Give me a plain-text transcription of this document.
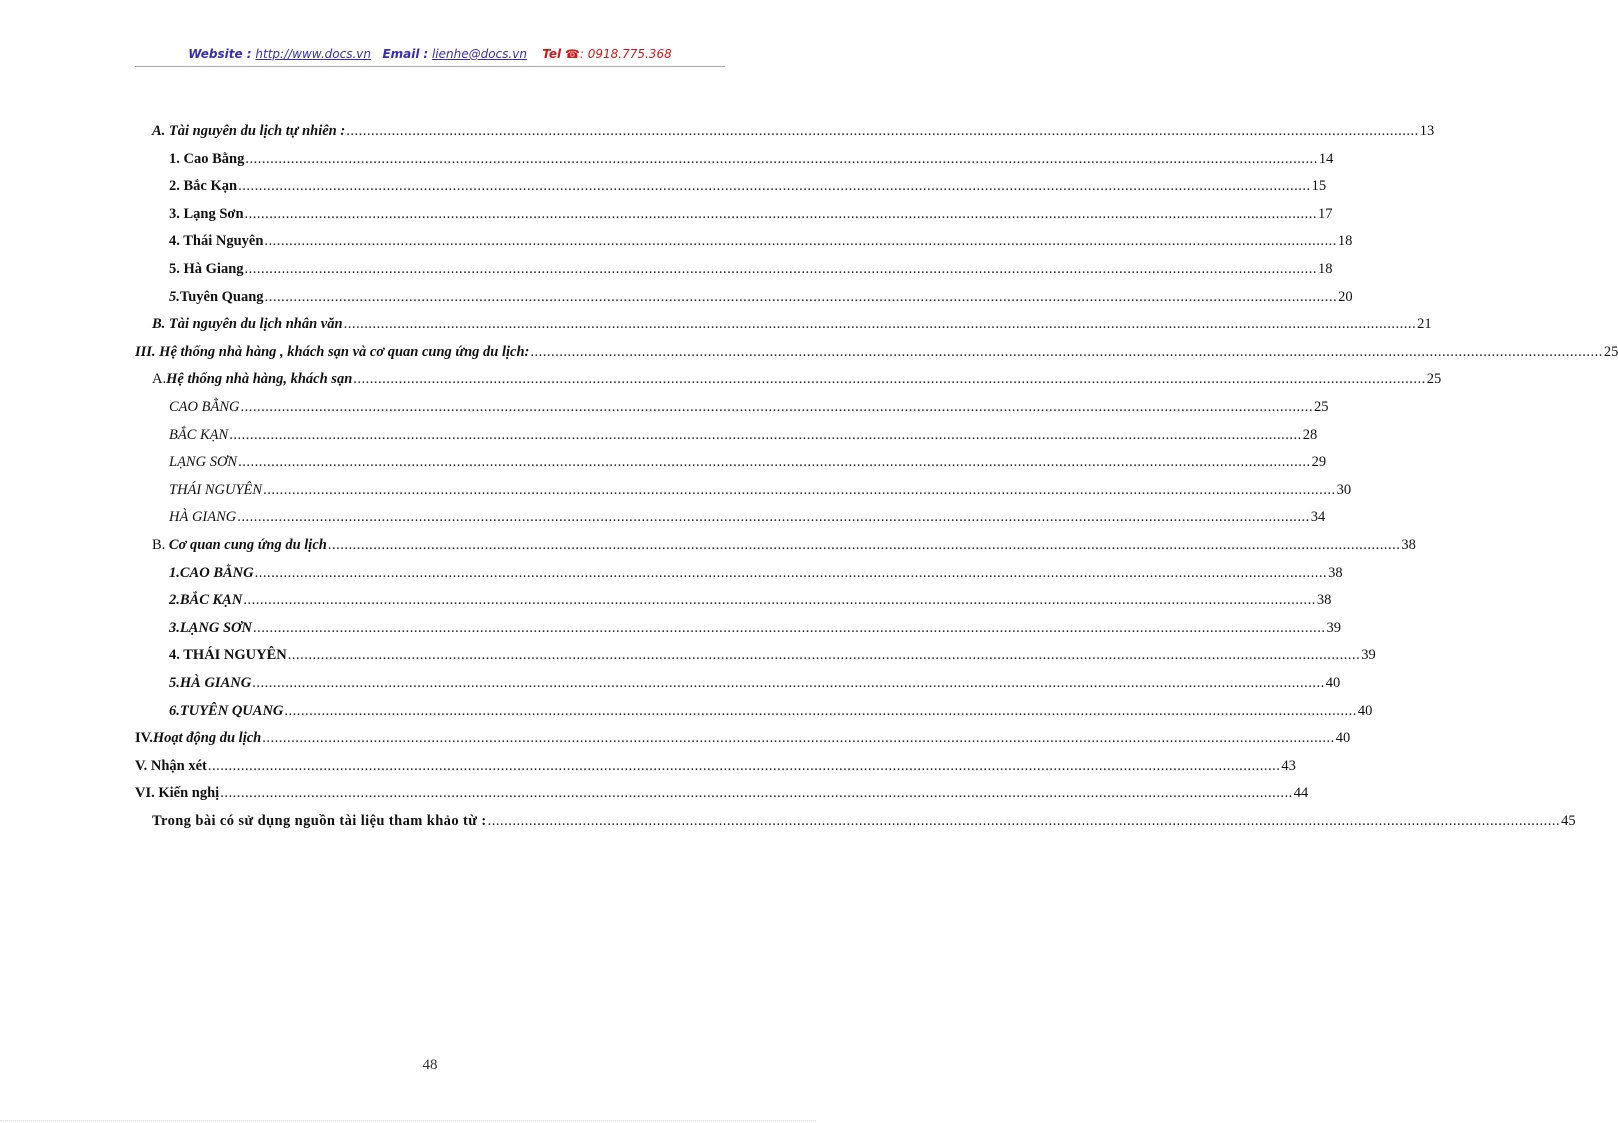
Website : http://www.docs.vn Email : lienhe@docs.vn Tel ☎: 0918.775.368
A. Tài nguyên du lịch tự nhiên : .................................................................................................................................................................................................................................................................... 13
1. Cao Bằng .................................................................................................................................................................................................................................................................... 14
2. Bắc Kạn .................................................................................................................................................................................................................................................................... 15
3. Lạng Sơn .................................................................................................................................................................................................................................................................... 17
4. Thái Nguyên .................................................................................................................................................................................................................................................................... 18
5. Hà Giang .................................................................................................................................................................................................................................................................... 18
5. Tuyên Quang .................................................................................................................................................................................................................................................................... 20
B. Tài nguyên du lịch nhân văn .................................................................................................................................................................................................................................................................... 21
III. Hệ thống nhà hàng , khách sạn và cơ quan cung ứng du lịch: .................................................................................................................................................................................................................................................................... 25
A. Hệ thống nhà hàng, khách sạn .................................................................................................................................................................................................................................................................... 25
CAO BẰNG .................................................................................................................................................................................................................................................................... 25
BẮC KẠN .................................................................................................................................................................................................................................................................... 28
LẠNG SƠN .................................................................................................................................................................................................................................................................... 29
THÁI NGUYÊN .................................................................................................................................................................................................................................................................... 30
HÀ GIANG .................................................................................................................................................................................................................................................................... 34
B. Cơ quan cung ứng du lịch .................................................................................................................................................................................................................................................................... 38
1.CAO BẰNG .................................................................................................................................................................................................................................................................... 38
2.BẮC KẠN .................................................................................................................................................................................................................................................................... 38
3.LẠNG SƠN .................................................................................................................................................................................................................................................................... 39
4. THÁI NGUYÊN .................................................................................................................................................................................................................................................................... 39
5.HÀ GIANG .................................................................................................................................................................................................................................................................... 40
6.TUYÊN QUANG .................................................................................................................................................................................................................................................................... 40
IV. Hoạt động du lịch .................................................................................................................................................................................................................................................................... 40
V. Nhận xét .................................................................................................................................................................................................................................................................... 43
VI. Kiến nghị .................................................................................................................................................................................................................................................................... 44
Trong bài có sử dụng nguồn tài liệu tham khảo từ : .................................................................................................................................................................................................................................................................... 45
48
